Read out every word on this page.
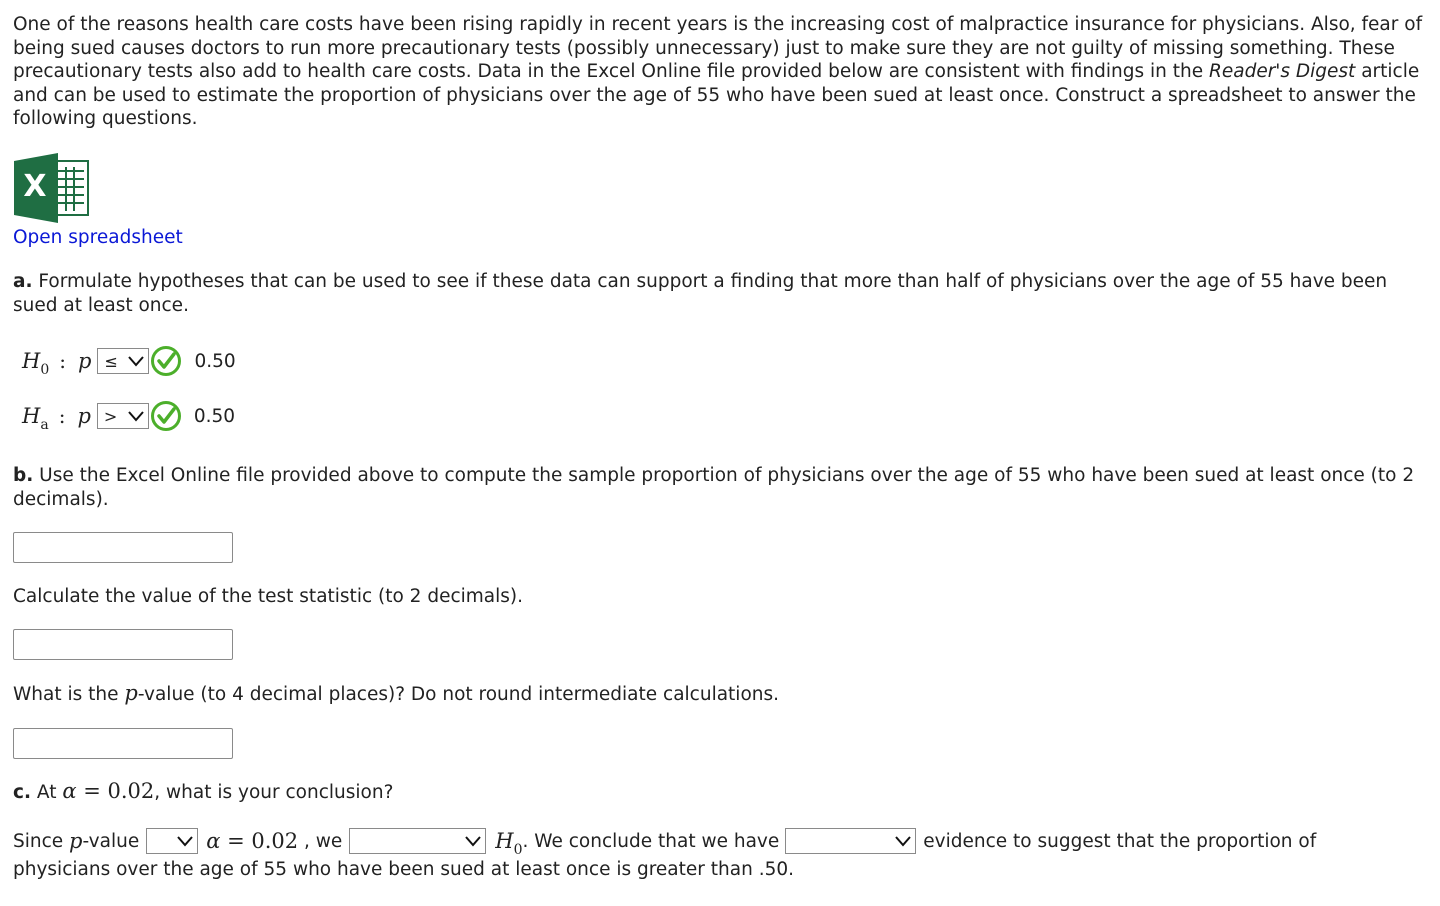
One of the reasons health care costs have been rising rapidly in recent years is the increasing cost of malpractice insurance for physicians. Also, fear of being sued causes doctors to run more precautionary tests (possibly unnecessary) just to make sure they are not guilty of missing something. These precautionary tests also add to health care costs. Data in the Excel Online file provided below are consistent with findings in the Reader's Digest article and can be used to estimate the proportion of physicians over the age of 55 who have been sued at least once. Construct a spreadsheet to answer the following questions.
X
Open spreadsheet
a. Formulate hypotheses that can be used to see if these data can support a finding that more than half of physicians over the age of 55 have been sued at least once.
$H_0$ : p ≤	0.50
$H_a$ : p >	0.50
b. Use the Excel Online file provided above to compute the sample proportion of physicians over the age of 55 who have been sued at least once (to 2 decimals).
Calculate the value of the test statistic (to 2 decimals).
What is the p-value (to 4 decimal places)? Do not round intermediate calculations.
c. At α = 0.02, what is your conclusion?
Since p -value	α = 0.02 , we	$H_0$ . We conclude that we have	evidence to suggest that the proportion of
physicians over the age of 55 who have been sued at least once is greater than .50.
